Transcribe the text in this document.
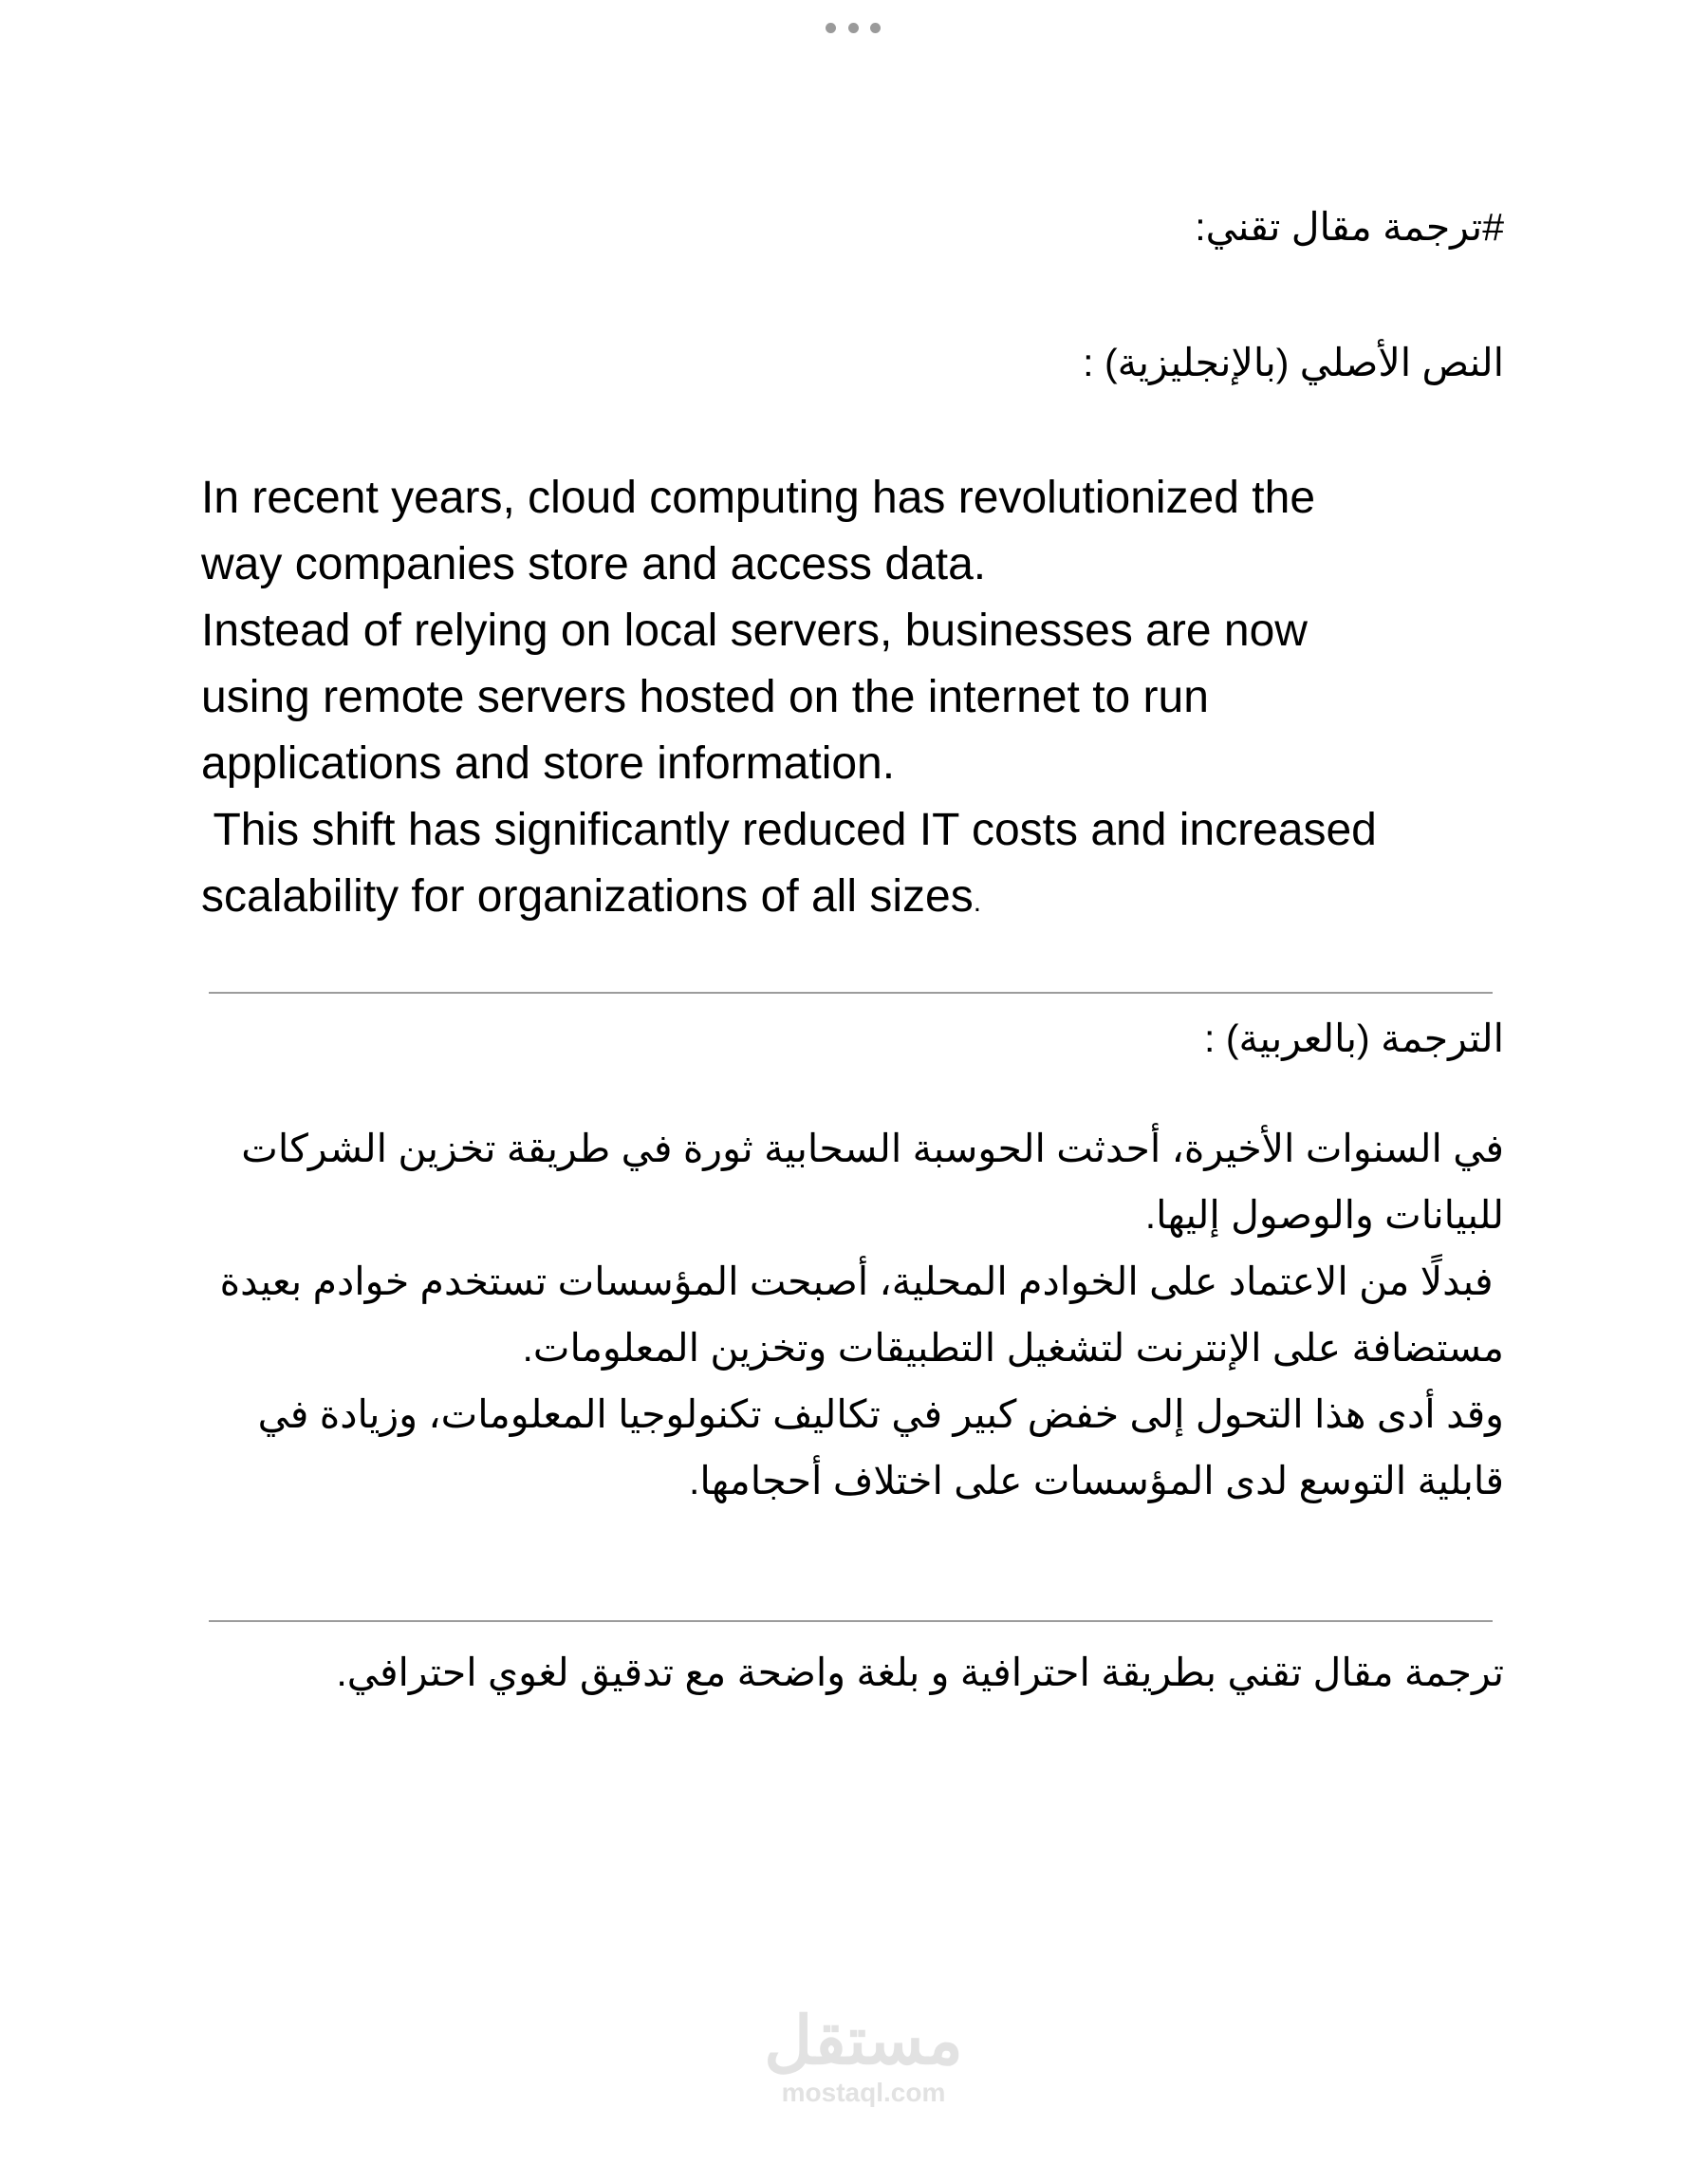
#ترجمة مقال تقني:
النص الأصلي (بالإنجليزية) :
In recent years, cloud computing has revolutionized the
way companies store and access data.
Instead of relying on local servers, businesses are now
using remote servers hosted on the internet to run
applications and store information.
This shift has significantly reduced IT costs and increased
scalability for organizations of all sizes.
الترجمة (بالعربية) :
في السنوات الأخيرة، أحدثت الحوسبة السحابية ثورة في طريقة تخزين الشركات
للبيانات والوصول إليها.
فبدلًا من الاعتماد على الخوادم المحلية، أصبحت المؤسسات تستخدم خوادم بعيدة
مستضافة على الإنترنت لتشغيل التطبيقات وتخزين المعلومات.
وقد أدى هذا التحول إلى خفض كبير في تكاليف تكنولوجيا المعلومات، وزيادة في
قابلية التوسع لدى المؤسسات على اختلاف أحجامها.
ترجمة مقال تقني بطريقة احترافية و بلغة واضحة مع تدقيق لغوي احترافي.
مستقل
mostaql.com
